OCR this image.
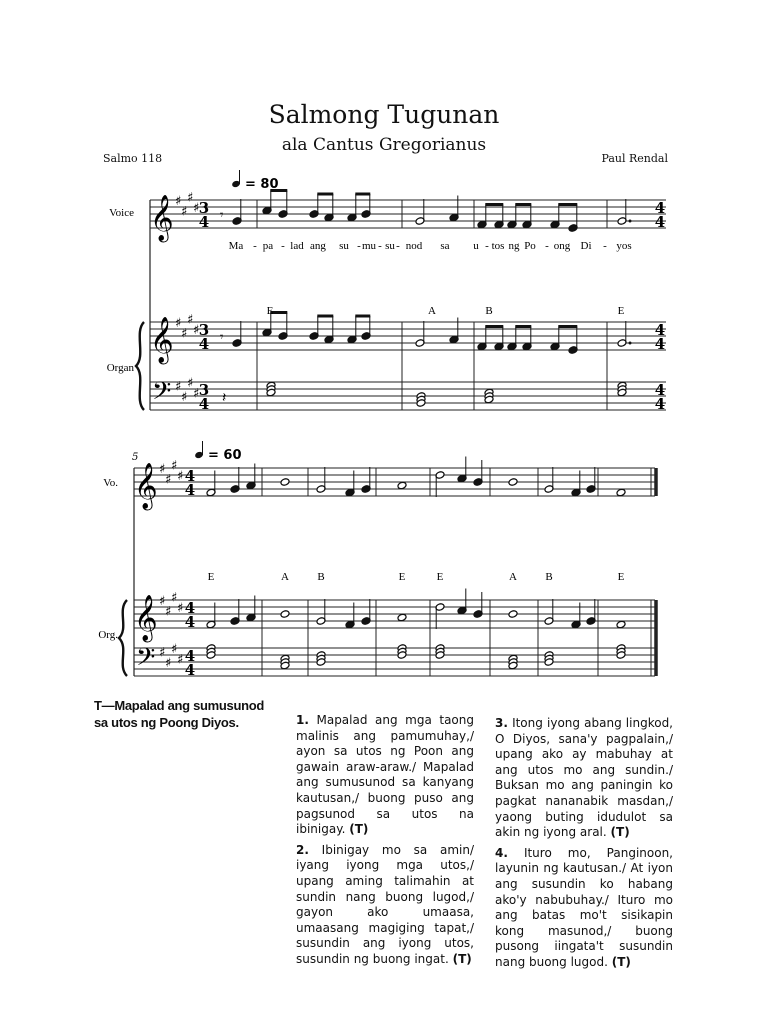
Salmong Tugunan
ala Cantus Gregorianus
Salmo 118	Paul Rendal
Voice
Organ
𝄞
𝄞
𝄢
♯
♯
♯
♯
♯
♯
♯
♯
♯
♯
♯
♯
3
4
3
4
3
4
= 80
4
4
4
4
4
4
𝄾
𝄾
𝄽
E	A	B	E
Ma - pa - lad ang su - mu - su - nod sa u - tos ng Po - ong Di - yos
5
Vo.
Org.
𝄞
𝄞
𝄢
♯
♯
♯
♯
♯
♯
♯
♯
♯
♯
♯
♯
4
4
4
4
4
4
= 60
E	A	B	E	E	A	B	E
T—Mapalad ang sumusunod sa utos ng Poong Diyos.	1. Mapalad ang mga taong malinis ang pamumuhay,/ ayon sa utos ng Poon ang gawain araw-araw./ Mapalad ang sumusunod sa kanyang kautusan,/ buong puso ang pagsunod sa utos na ibinigay. (T)

2. Ibinigay mo sa amin/ iyang iyong mga utos,/ upang aming talimahin at sundin nang buong lugod,/ gayon ako umaasa, umaasang magiging tapat,/ susundin ang iyong utos, susundin ng buong ingat. (T)

3. Itong iyong abang lingkod, O Diyos, sana'y pagpalain,/ upang ako ay mabuhay at ang utos mo ang sundin./ Buksan mo ang paningin ko pagkat nananabik masdan,/ yaong buting idudulot sa akin ng iyong aral. (T)

4. Ituro mo, Panginoon, layunin ng kautusan./ At iyon ang susundin ko habang ako'y nabubuhay./ Ituro mo ang batas mo't sisikapin kong masunod,/ buong pusong iingata't susundin nang buong lugod. (T)
